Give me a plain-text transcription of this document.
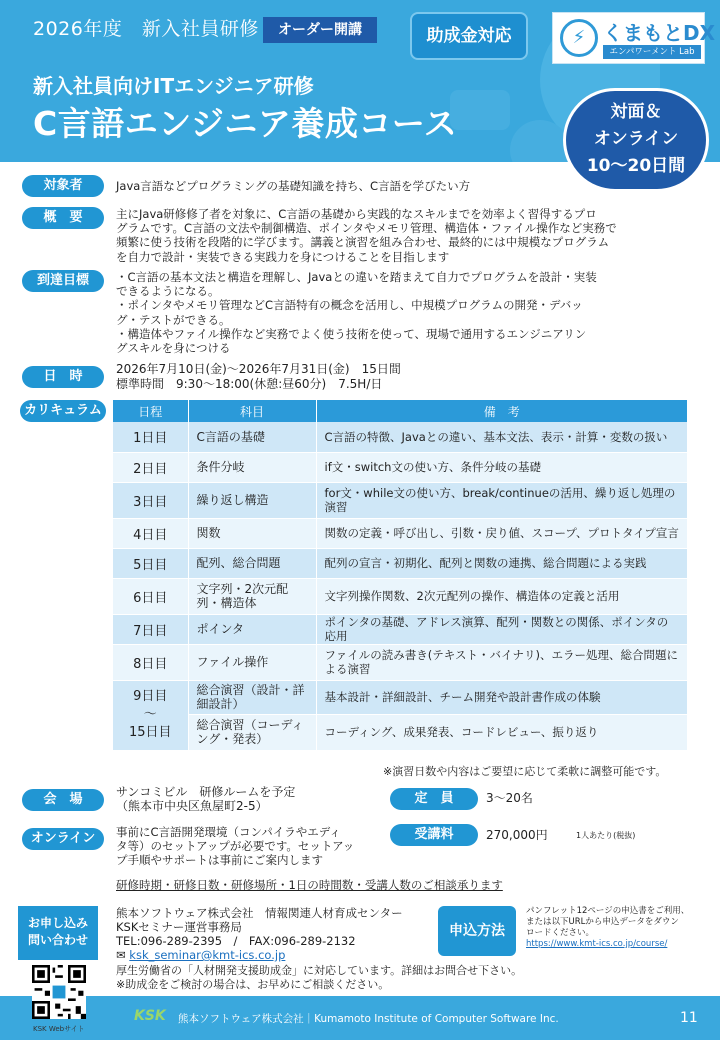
2026年度　新入社員研修	オーダー開講	助成金対応	⚡ くまもとDX
エンパワーメント Lab
新入社員向けITエンジニア研修
C言語エンジニア養成コース	対面＆
オンライン
10～20日間
対象者	Java言語などプログラミングの基礎知識を持ち、C言語を学びたい方
概　要	主にJava研修修了者を対象に、C言語の基礎から実践的なスキルまでを効率よく習得するプロ
グラムです。C言語の文法や制御構造、ポインタやメモリ管理、構造体・ファイル操作など実務で
頻繁に使う技術を段階的に学びます。講義と演習を組み合わせ、最終的には中規模なプログラム
を自力で設計・実装できる実践力を身につけることを目指します
到達目標	・C言語の基本文法と構造を理解し、Javaとの違いを踏まえて自力でプログラムを設計・実装
できるようになる。
・ポインタやメモリ管理などC言語特有の概念を活用し、中規模プログラムの開発・デバッ
グ・テストができる。
・構造体やファイル操作など実務でよく使う技術を使って、現場で通用するエンジニアリン
グスキルを身につける
日　時	2026年7月10日(金)～2026年7月31日(金)　15日間
標準時間　9:30～18:00(休憩:昼60分)　7.5H/日
カリキュラム	日程	科目	備　考
1日目	C言語の基礎	C言語の特徴、Javaとの違い、基本文法、表示・計算・変数の扱い
2日目	条件分岐	if文・switch文の使い方、条件分岐の基礎
3日目	繰り返し構造	for文・while文の使い方、break/continueの活用、繰り返し処理の演習
4日目	関数	関数の定義・呼び出し、引数・戻り値、スコープ、プロトタイプ宣言
5日目	配列、総合問題	配列の宣言・初期化、配列と関数の連携、総合問題による実践
6日目	文字列・2次元配列・構造体	文字列操作関数、2次元配列の操作、構造体の定義と活用
7日目	ポインタ	ポインタの基礎、アドレス演算、配列・関数との関係、ポインタの応用
8日目	ファイル操作	ファイルの読み書き(テキスト・バイナリ)、エラー処理、総合問題による演習

9日目
～
15日目	総合演習（設計・詳細設計）	基本設計・詳細設計、チーム開発や設計書作成の体験
	総合演習（コーディング・発表）	コーディング、成果発表、コードレビュー、振り返り
※演習日数や内容はご要望に応じて柔軟に調整可能です。
会　場	サンコミビル　研修ルームを予定
（熊本市中央区魚屋町2-5）	定　員	3～20名
オンライン	事前にC言語開発環境（コンパイラやエディ
タ等）のセットアップが必要です。セットアッ
プ手順やサポートは事前にご案内します
受講料	270,000円	1人あたり(税抜)
研修時期・研修日数・研修場所・1日の時間数・受講人数のご相談承ります
お申し込み
問い合わせ
熊本ソフトウェア株式会社　情報関連人材育成センター
KSKセミナー運営事務局
TEL:096-289-2395　/　FAX:096-289-2132
✉ ksk_seminar@kmt-ics.co.jp
厚生労働省の「人材開発支援助成金」に対応しています。詳細はお問合せ下さい。
※助成金をご検討の場合は、お早めにご相談ください。
申込方法
パンフレット12ページの申込書をご利用、
または以下URLから申込データをダウン
ロードください。
https://www.kmt-ics.co.jp/course/
KSK 熊本ソフトウェア株式会社｜Kumamoto Institute of Computer Software Inc.	11
KSK Webサイト
